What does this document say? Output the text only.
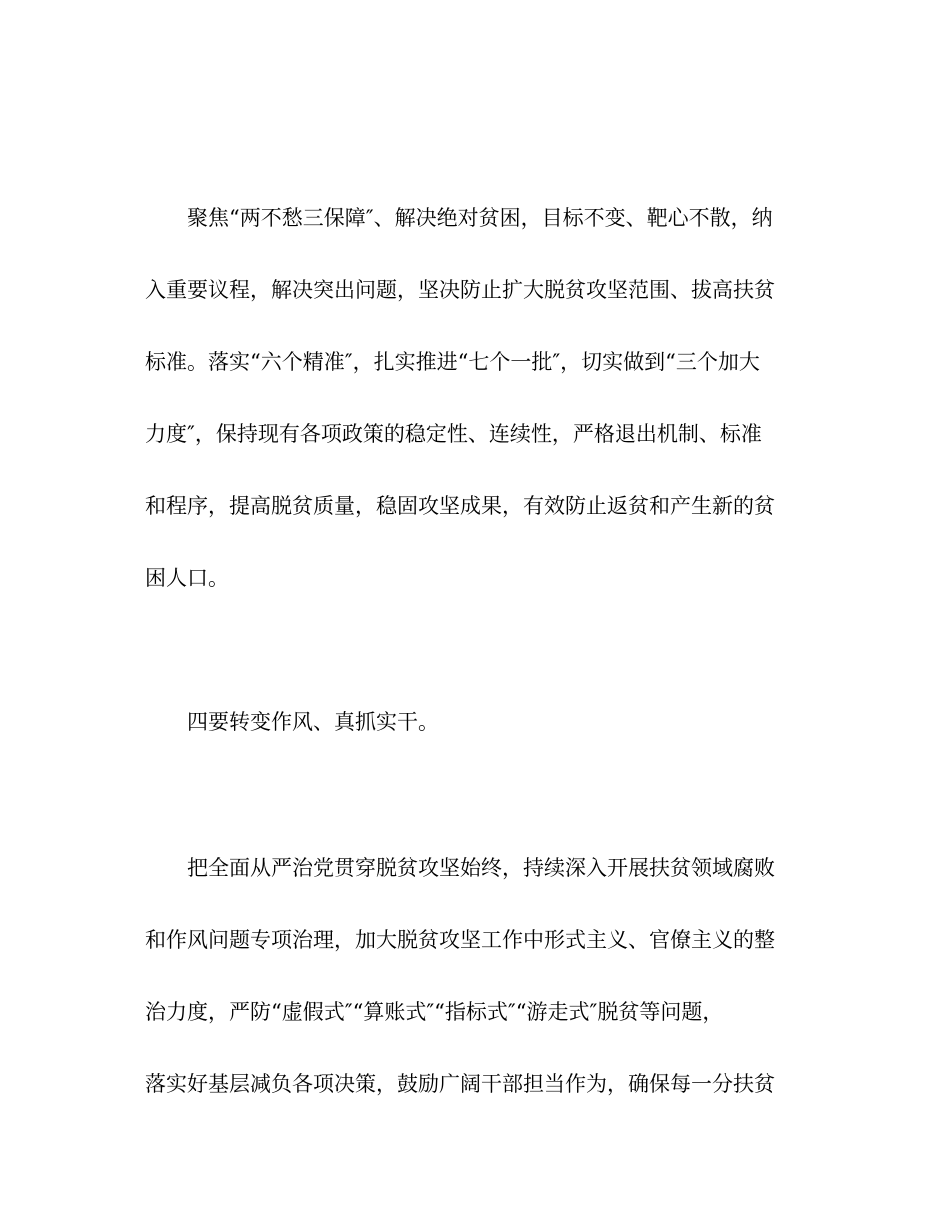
聚焦“两不愁三保障″、解决绝对贫困，目标不变、靶心不散，纳
入重要议程，解决突出问题，坚决防止扩大脱贫攻坚范围、拔高扶贫
标准。落实“六个精准″，扎实推进“七个一批″，切实做到“三个加大
力度″，保持现有各项政策的稳定性、连续性，严格退出机制、标准
和程序，提高脱贫质量，稳固攻坚成果，有效防止返贫和产生新的贫
困人口。
四要转变作风、真抓实干。
把全面从严治党贯穿脱贫攻坚始终，持续深入开展扶贫领域腐败
和作风问题专项治理，加大脱贫攻坚工作中形式主义、官僚主义的整
治力度，严防“虚假式″“算账式″“指标式″“游走式″脱贫等问题，
落实好基层减负各项决策，鼓励广阔干部担当作为，确保每一分扶贫
